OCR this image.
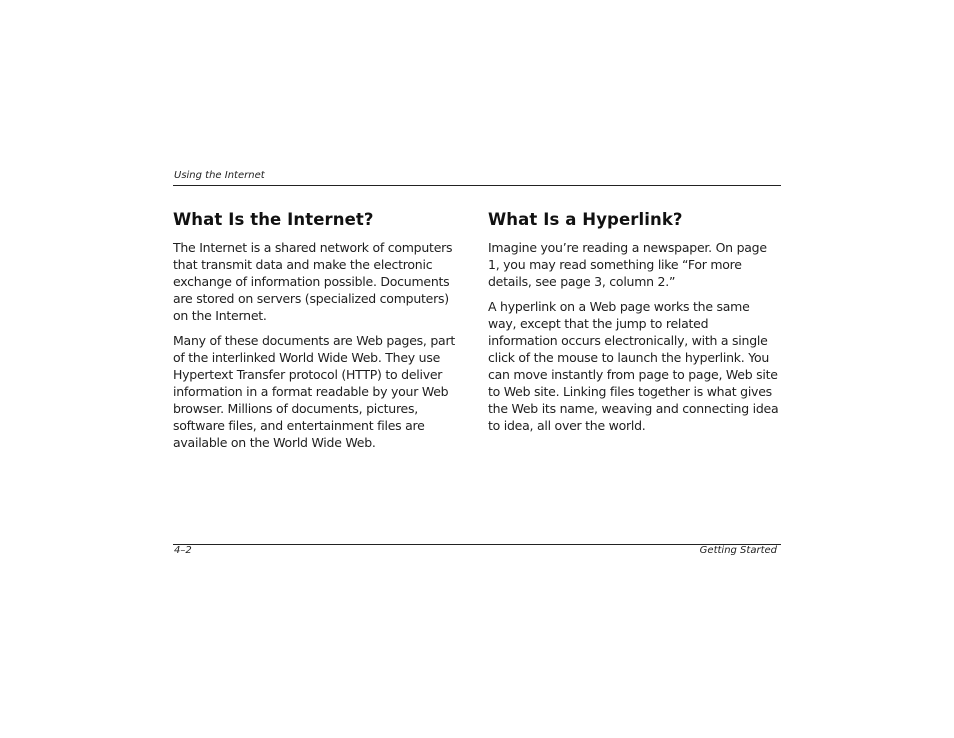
Using the Internet
What Is the Internet?

The Internet is a shared network of computers that transmit data and make the electronic exchange of information possible. Documents are stored on servers (specialized computers) on the Internet.

Many of these documents are Web pages, part of the interlinked World Wide Web. They use Hypertext Transfer protocol (HTTP) to deliver information in a format readable by your Web browser. Millions of documents, pictures, software files, and entertainment files are available on the World Wide Web.

What Is a Hyperlink?

Imagine you’re reading a newspaper. On page 1, you may read something like “For more details, see page 3, column 2.”

A hyperlink on a Web page works the same way, except that the jump to related information occurs electronically, with a single click of the mouse to launch the hyperlink. You can move instantly from page to page, Web site to Web site. Linking files together is what gives the Web its name, weaving and connecting idea to idea, all over the world.

4–2	Getting Started
